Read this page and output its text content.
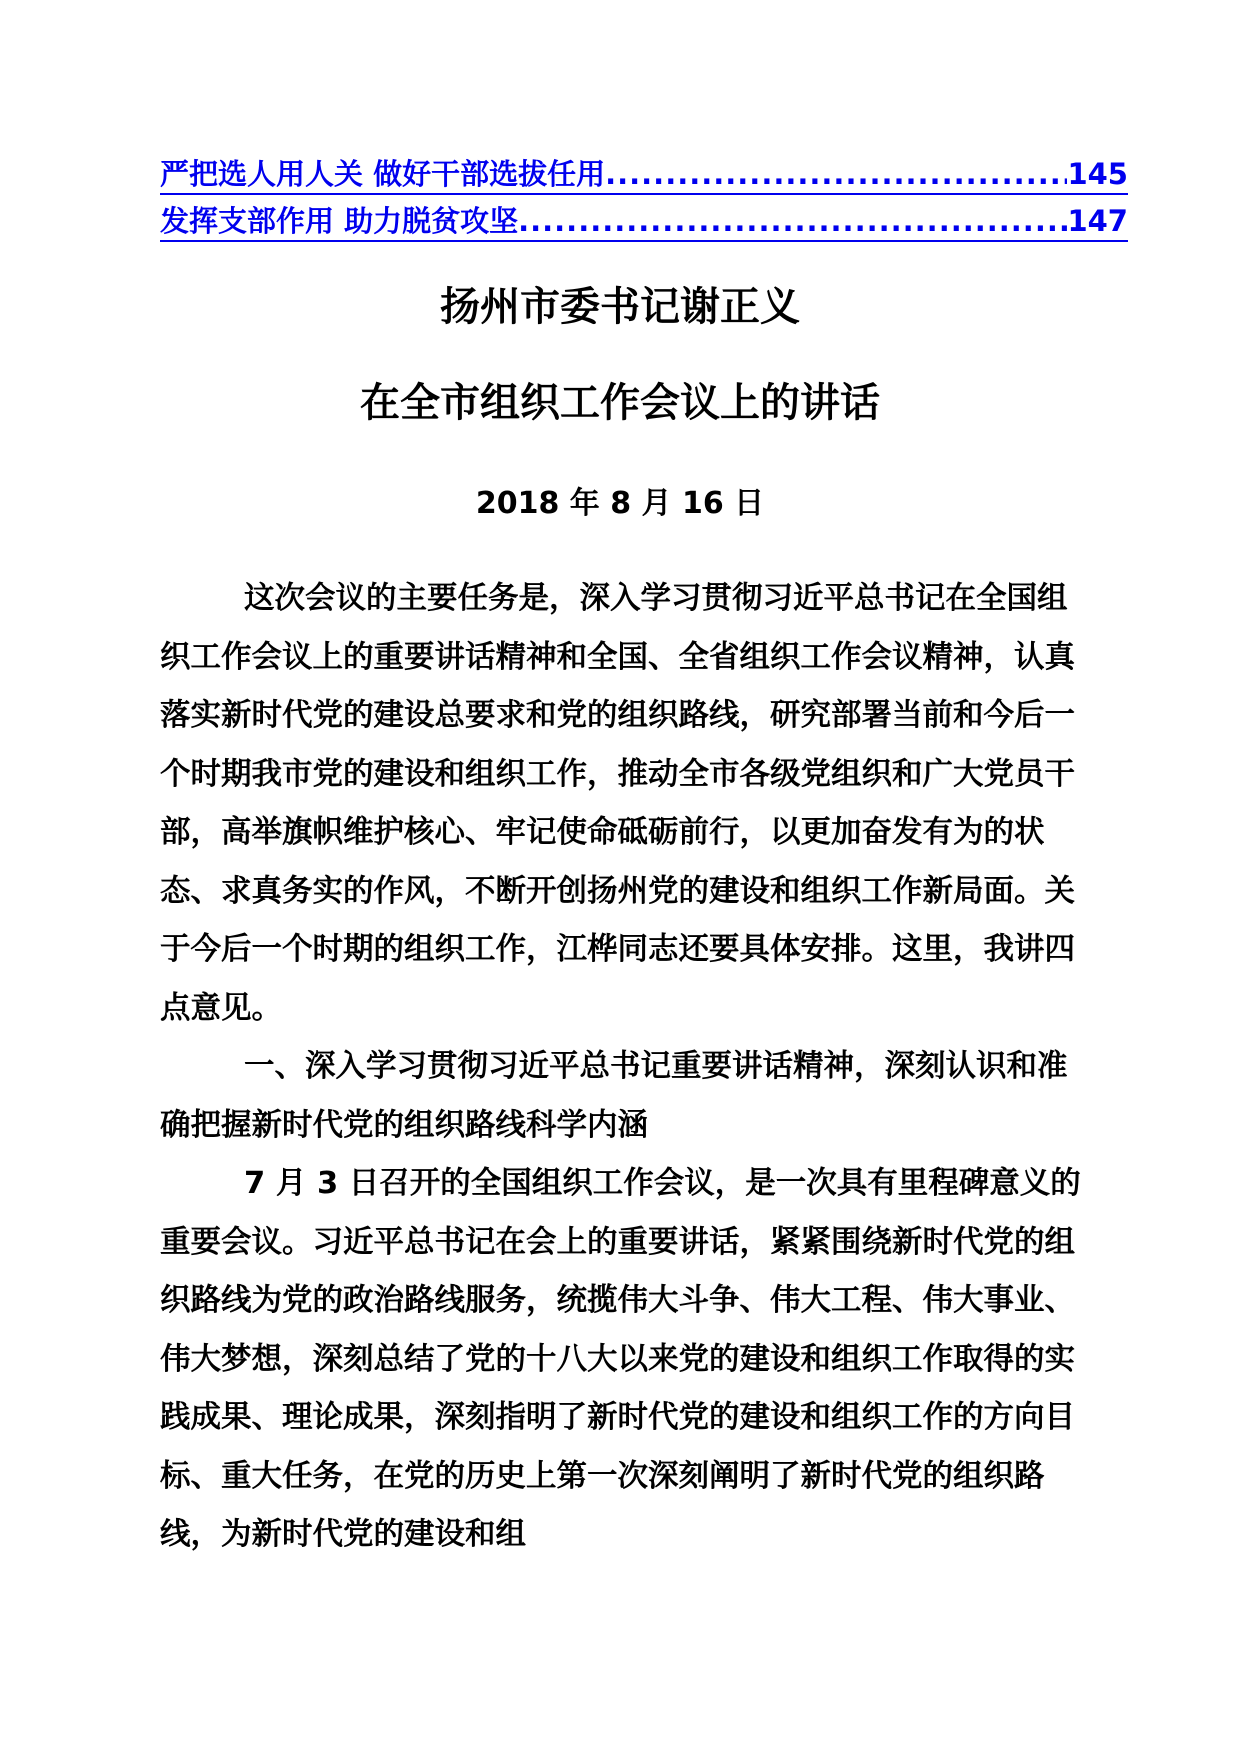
严把选人用人关 做好干部选拔任用 .....	145
发挥支部作用 助力脱贫攻坚 .....	147
扬州市委书记谢正义
在全市组织工作会议上的讲话
2018 年 8 月 16 日

这次会议的主要任务是，深入学习贯彻习近平总书记在全国组织工作会议上的重要讲话精神和全国、全省组织工作会议精神，认真落实新时代党的建设总要求和党的组织路线，研究部署当前和今后一个时期我市党的建设和组织工作，推动全市各级党组织和广大党员干部，高举旗帜维护核心、牢记使命砥砺前行，以更加奋发有为的状态、求真务实的作风，不断开创扬州党的建设和组织工作新局面。关于今后一个时期的组织工作，江桦同志还要具体安排。这里，我讲四点意见。

一、深入学习贯彻习近平总书记重要讲话精神，深刻认识和准确把握新时代党的组织路线科学内涵

7 月 3 日召开的全国组织工作会议，是一次具有里程碑意义的重要会议。习近平总书记在会上的重要讲话，紧紧围绕新时代党的组织路线为党的政治路线服务，统揽伟大斗争、伟大工程、伟大事业、伟大梦想，深刻总结了党的十八大以来党的建设和组织工作取得的实践成果、理论成果，深刻指明了新时代党的建设和组织工作的方向目标、重大任务，在党的历史上第一次深刻阐明了新时代党的组织路线，为新时代党的建设和组
